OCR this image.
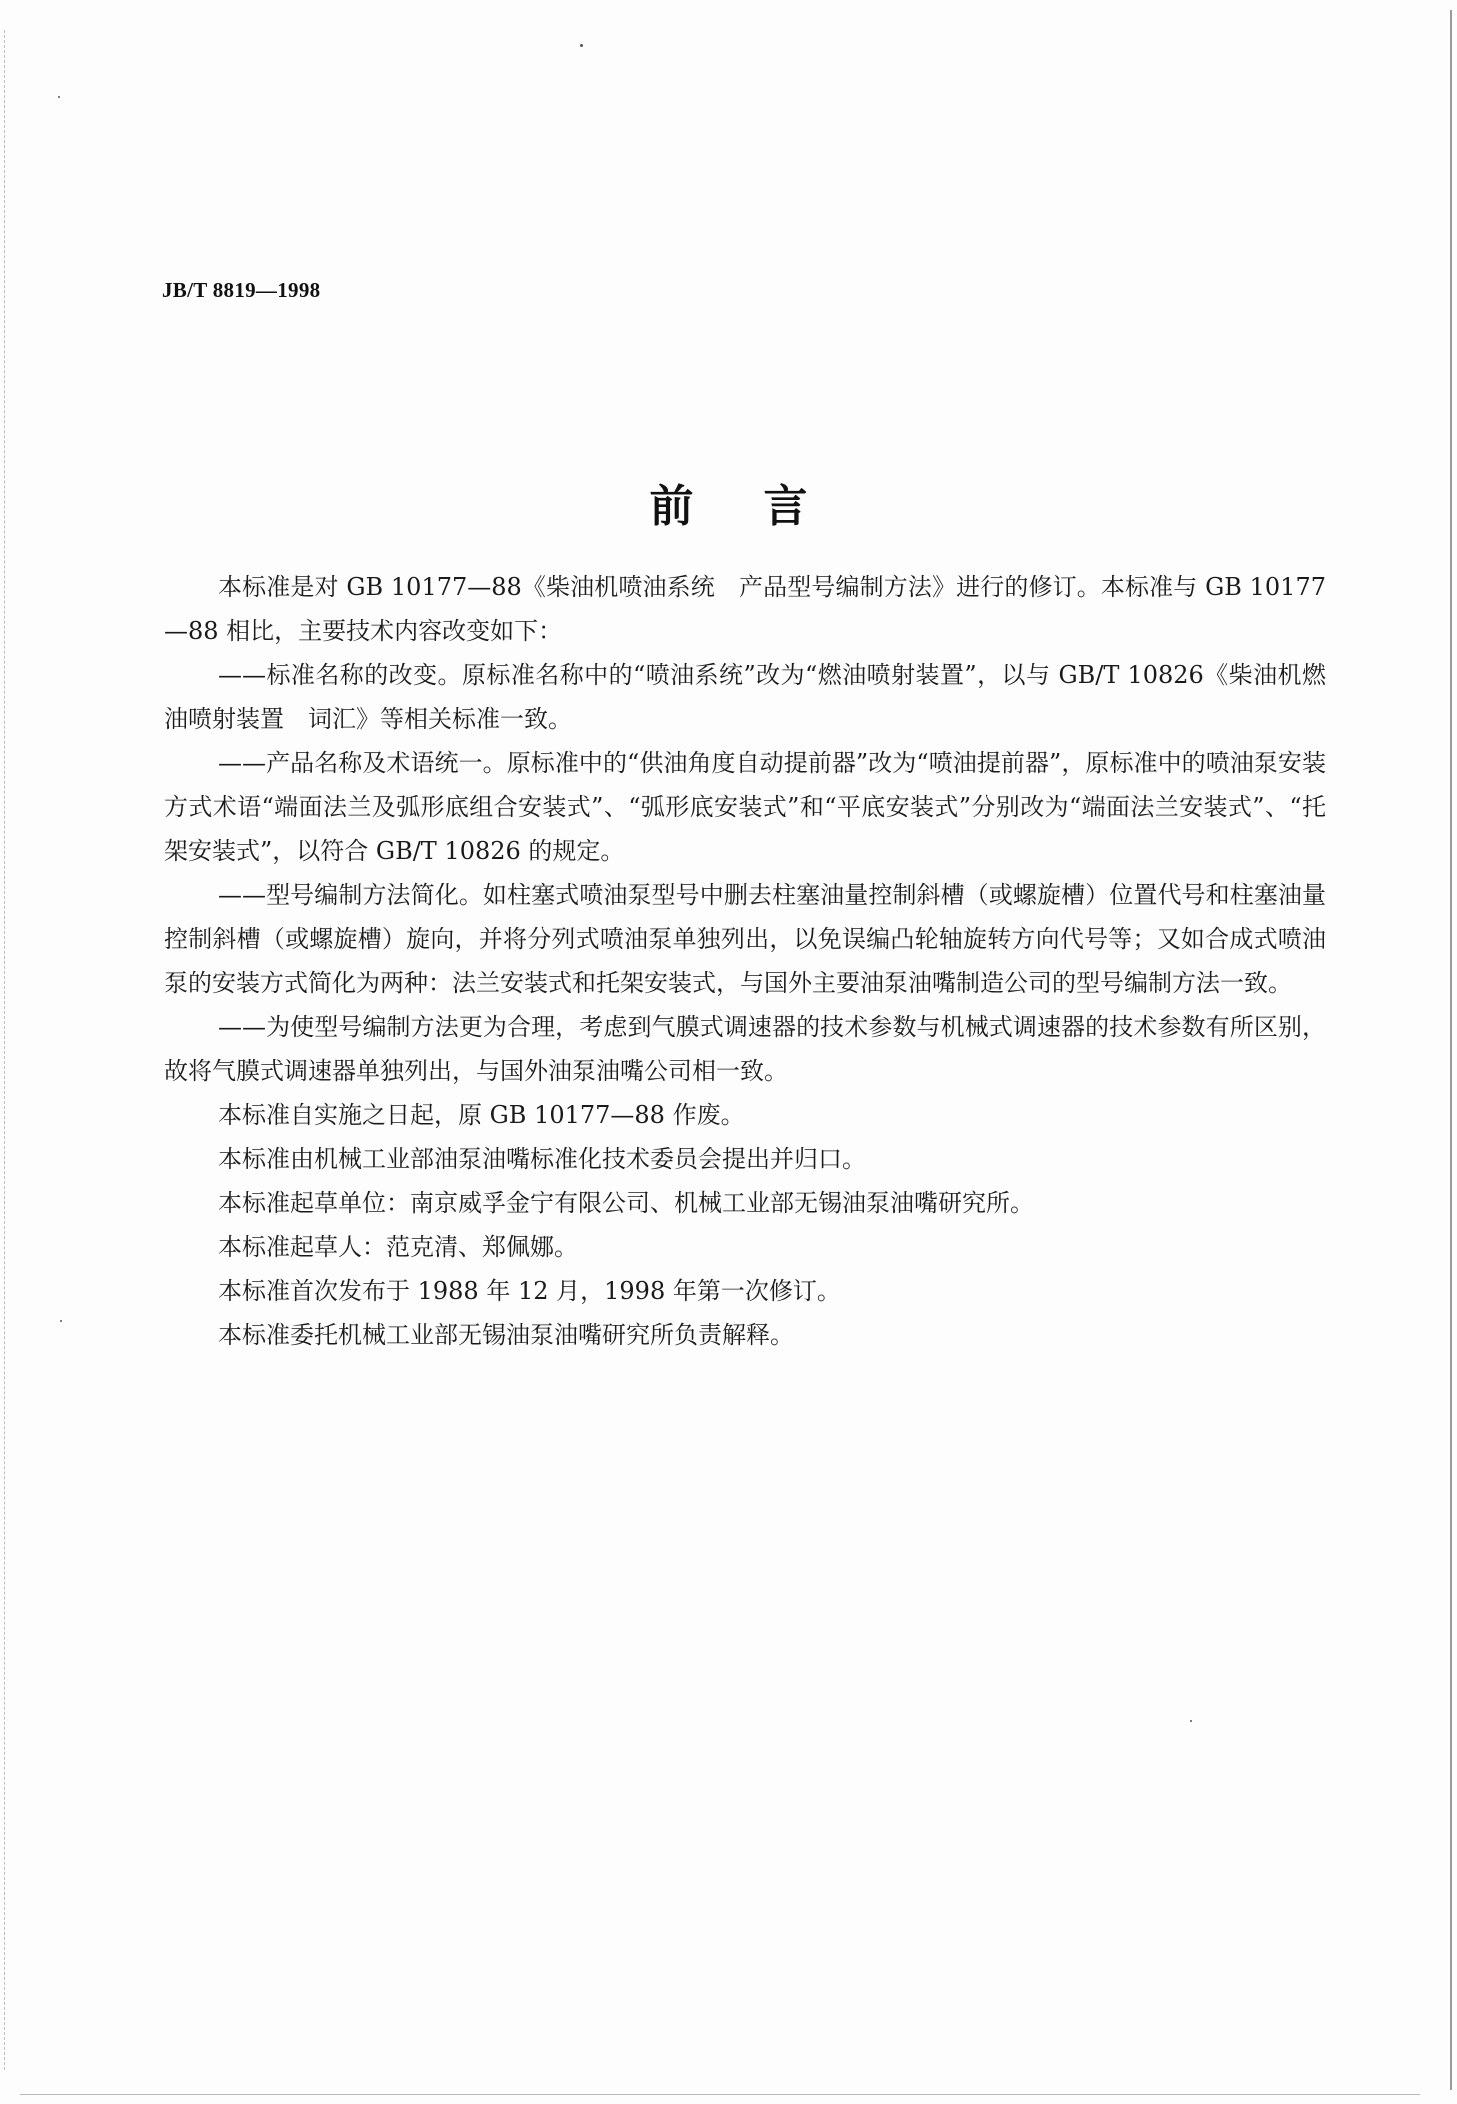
JB/T 8819—1998
前言

本标准是对 GB 10177—88《柴油机喷油系统　产品型号编制方法》进行的修订。本标准与 GB 10177—88 相比，主要技术内容改变如下：

——标准名称的改变。原标准名称中的“喷油系统”改为“燃油喷射装置”，以与 GB/T 10826《柴油机燃油喷射装置　词汇》等相关标准一致。

——产品名称及术语统一。原标准中的“供油角度自动提前器”改为“喷油提前器”，原标准中的喷油泵安装方式术语“端面法兰及弧形底组合安装式”、“弧形底安装式”和“平底安装式”分别改为“端面法兰安装式”、“托架安装式”，以符合 GB/T 10826 的规定。

——型号编制方法简化。如柱塞式喷油泵型号中删去柱塞油量控制斜槽（或螺旋槽）位置代号和柱塞油量控制斜槽（或螺旋槽）旋向，并将分列式喷油泵单独列出，以免误编凸轮轴旋转方向代号等；又如合成式喷油泵的安装方式简化为两种：法兰安装式和托架安装式，与国外主要油泵油嘴制造公司的型号编制方法一致。

——为使型号编制方法更为合理，考虑到气膜式调速器的技术参数与机械式调速器的技术参数有所区别，故将气膜式调速器单独列出，与国外油泵油嘴公司相一致。

本标准自实施之日起，原 GB 10177—88 作废。

本标准由机械工业部油泵油嘴标准化技术委员会提出并归口。

本标准起草单位：南京威孚金宁有限公司、机械工业部无锡油泵油嘴研究所。

本标准起草人：范克清、郑佩娜。

本标准首次发布于 1988 年 12 月，1998 年第一次修订。

本标准委托机械工业部无锡油泵油嘴研究所负责解释。
